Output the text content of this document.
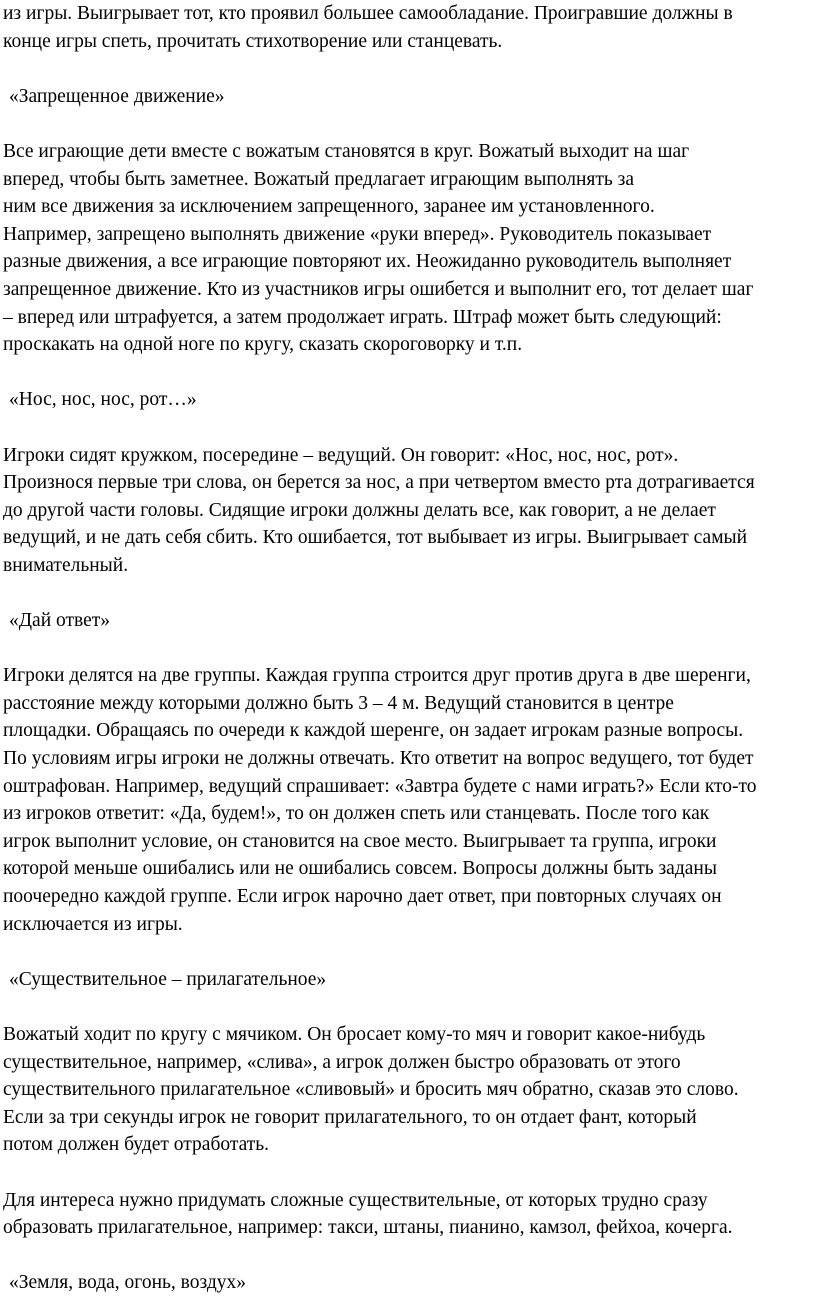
из игры. Выигрывает тот, кто проявил большее самообладание. Проигравшие должны в
конце игры спеть, прочитать стихотворение или станцевать.
«Запрещенное движение»
Все играющие дети вместе с вожатым становятся в круг. Вожатый выходит на шаг
вперед, чтобы быть заметнее. Вожатый предлагает играющим выполнять за
ним все движения за исключением запрещенного, заранее им установленного.
Например, запрещено выполнять движение «руки вперед». Руководитель показывает
разные движения, а все играющие повторяют их. Неожиданно руководитель выполняет
запрещенное движение. Кто из участников игры ошибется и выполнит его, тот делает шаг
– вперед или штрафуется, а затем продолжает играть. Штраф может быть следующий:
проскакать на одной ноге по кругу, сказать скороговорку и т.п.
«Нос, нос, нос, рот…»
Игроки сидят кружком, посередине – ведущий. Он говорит: «Нос, нос, нос, рот».
Произнося первые три слова, он берется за нос, а при четвертом вместо рта дотрагивается
до другой части головы. Сидящие игроки должны делать все, как говорит, а не делает
ведущий, и не дать себя сбить. Кто ошибается, тот выбывает из игры. Выигрывает самый
внимательный.
«Дай ответ»
Игроки делятся на две группы. Каждая группа строится друг против друга в две шеренги,
расстояние между которыми должно быть 3 – 4 м. Ведущий становится в центре
площадки. Обращаясь по очереди к каждой шеренге, он задает игрокам разные вопросы.
По условиям игры игроки не должны отвечать. Кто ответит на вопрос ведущего, тот будет
оштрафован. Например, ведущий спрашивает: «Завтра будете с нами играть?» Если кто-то
из игроков ответит: «Да, будем!», то он должен спеть или станцевать. После того как
игрок выполнит условие, он становится на свое место. Выигрывает та группа, игроки
которой меньше ошибались или не ошибались совсем. Вопросы должны быть заданы
поочередно каждой группе. Если игрок нарочно дает ответ, при повторных случаях он
исключается из игры.
«Существительное – прилагательное»
Вожатый ходит по кругу с мячиком. Он бросает кому-то мяч и говорит какое-нибудь
существительное, например, «слива», а игрок должен быстро образовать от этого
существительного прилагательное «сливовый» и бросить мяч обратно, сказав это слово.
Если за три секунды игрок не говорит прилагательного, то он отдает фант, который
потом должен будет отработать.
Для интереса нужно придумать сложные существительные, от которых трудно сразу
образовать прилагательное, например: такси, штаны, пианино, камзол, фейхоа, кочерга.
«Земля, вода, огонь, воздух»
